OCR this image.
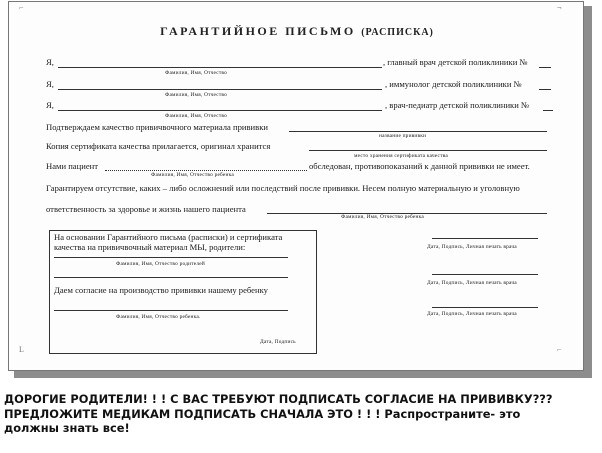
⌐	¬
L	⌐
ГАРАНТИЙНОЕ ПИСЬМО (РАСПИСКА)
Я,	, главный врач детской поликлиники №
Фамилия, Имя, Отчество
Я,	, иммунолог детской поликлиники №
Фамилия, Имя, Отчество
Я,	, врач-педиатр детской поликлиники №
Фамилия, Имя, Отчество
Подтверждаем качество привичвочного материала прививки
название прививки
Копия сертификата качества прилагается, оригинал хранится
место хранения сертификата качества
Нами пациент	обследован, противопоказаний к данной прививки не имеет.
Фамилия, Имя, Отчество ребенка
Гарантируем отсутствие, каких – либо осложнений или последствий после прививки. Несем полную материальную и уголовную
ответственность за здоровье и жизнь нашего пациента
Фамилия, Имя, Отчество ребенка
На основании Гарантийного письма (расписки) и сертификата
качества на привичвочный материал МЫ, родители:
Фамилия, Имя, Отчество родителей
Даем согласие на производство прививки нашему ребенку
Фамилия, Имя, Отчество ребенка.
Дата, Подпись
Дата, Подпись, Личная печать врача
Дата, Подпись, Личная печать врача
Дата, Подпись, Личная печать врача
ДОРОГИЕ РОДИТЕЛИ! ! ! С ВАС ТРЕБУЮТ ПОДПИСАТЬ СОГЛАСИЕ НА ПРИВИВКУ???
ПРЕДЛОЖИТЕ МЕДИКАМ ПОДПИСАТЬ СНАЧАЛА ЭТО ! ! ! Распространите- это
должны знать все!
